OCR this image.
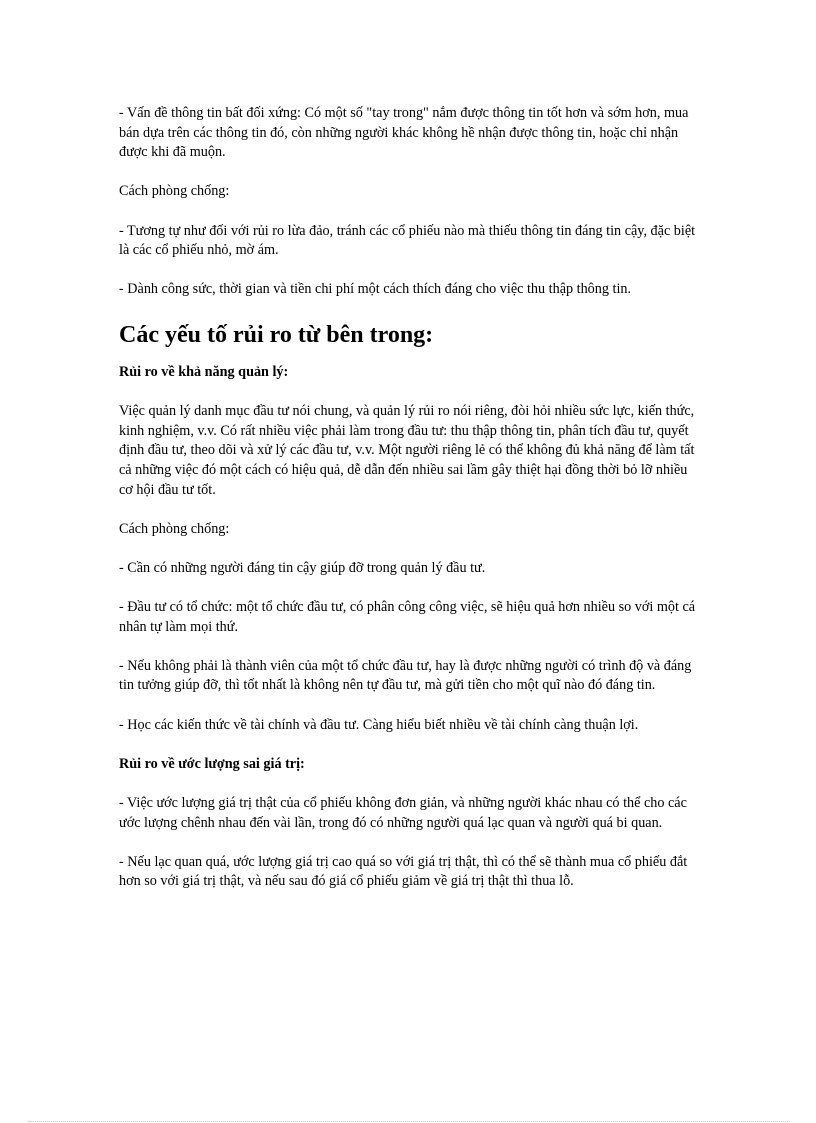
- Vấn đề thông tin bất đối xứng: Có một số "tay trong" nắm được thông tin tốt hơn và sớm hơn, mua bán dựa trên các thông tin đó, còn những người khác không hề nhận được thông tin, hoặc chỉ nhận được khi đã muộn.

Cách phòng chống:

- Tương tự như đối với rủi ro lừa đảo, tránh các cổ phiếu nào mà thiếu thông tin đáng tin cậy, đặc biệt là các cổ phiếu nhỏ, mờ ám.

- Dành công sức, thời gian và tiền chi phí một cách thích đáng cho việc thu thập thông tin.

Các yếu tố rủi ro từ bên trong:
Rủi ro về khả năng quản lý:

Việc quản lý danh mục đầu tư nói chung, và quản lý rủi ro nói riêng, đòi hỏi nhiều sức lực, kiến thức, kinh nghiệm, v.v. Có rất nhiều việc phải làm trong đầu tư: thu thập thông tin, phân tích đầu tư, quyết định đầu tư, theo dõi và xử lý các đầu tư, v.v. Một người riêng lẻ có thể không đủ khả năng để làm tất cả những việc đó một cách có hiệu quả, dễ dẫn đến nhiều sai lầm gây thiệt hại đồng thời bỏ lỡ nhiều cơ hội đầu tư tốt.

Cách phòng chống:

- Cần có những người đáng tin cậy giúp đỡ trong quản lý đầu tư.

- Đầu tư có tổ chức: một tổ chức đầu tư, có phân công công việc, sẽ hiệu quả hơn nhiều so với một cá nhân tự làm mọi thứ.

- Nếu không phải là thành viên của một tổ chức đầu tư, hay là được những người có trình độ và đáng tin tưởng giúp đỡ, thì tốt nhất là không nên tự đầu tư, mà gửi tiền cho một quĩ nào đó đáng tin.

- Học các kiến thức về tài chính và đầu tư. Càng hiểu biết nhiều về tài chính càng thuận lợi.

Rủi ro về ước lượng sai giá trị:

- Việc ước lượng giá trị thật của cổ phiếu không đơn giản, và những người khác nhau có thể cho các ước lượng chênh nhau đến vài lần, trong đó có những người quá lạc quan và người quá bi quan.

- Nếu lạc quan quá, ước lượng giá trị cao quá so với giá trị thật, thì có thể sẽ thành mua cổ phiếu đắt hơn so với giá trị thật, và nếu sau đó giá cổ phiếu giảm về giá trị thật thì thua lỗ.
